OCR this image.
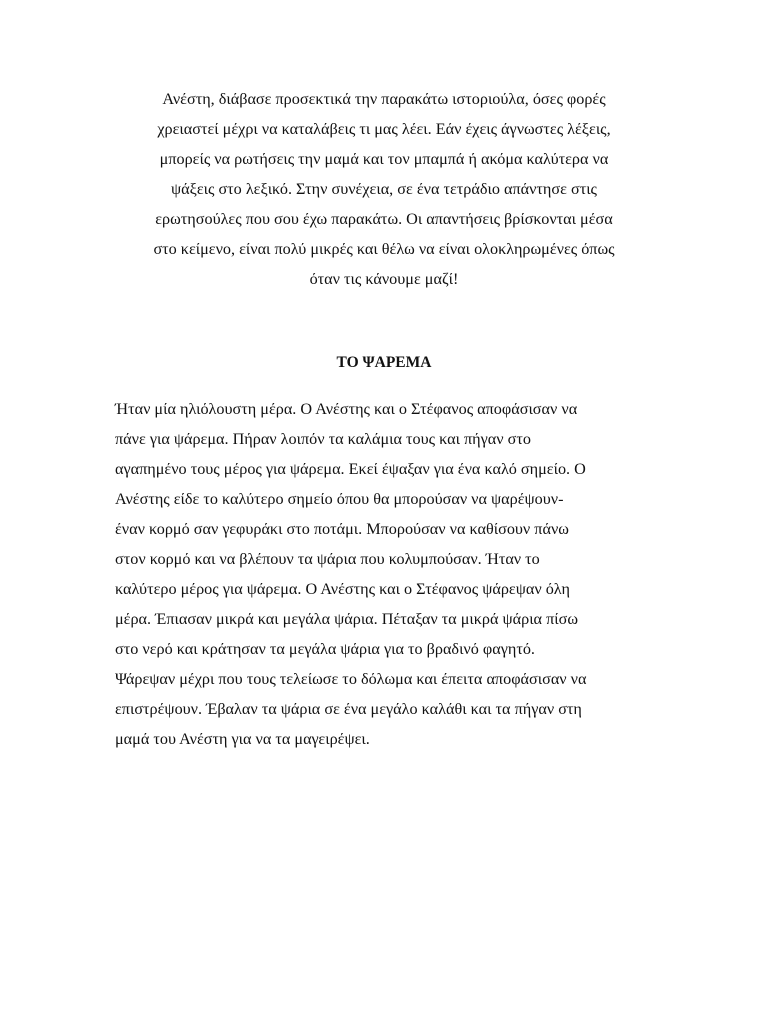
Ανέστη, διάβασε προσεκτικά την παρακάτω ιστοριούλα, όσες φορές
χρειαστεί μέχρι να καταλάβεις τι μας λέει. Εάν έχεις άγνωστες λέξεις,
μπορείς να ρωτήσεις την μαμά και τον μπαμπά ή ακόμα καλύτερα να
ψάξεις στο λεξικό. Στην συνέχεια, σε ένα τετράδιο απάντησε στις
ερωτησούλες που σου έχω παρακάτω. Οι απαντήσεις βρίσκονται μέσα
στο κείμενο, είναι πολύ μικρές και θέλω να είναι ολοκληρωμένες όπως
όταν τις κάνουμε μαζί!

ΤΟ ΨΑΡΕΜΑ

Ήταν μία ηλιόλουστη μέρα. Ο Ανέστης και ο Στέφανος αποφάσισαν να
πάνε για ψάρεμα. Πήραν λοιπόν τα καλάμια τους και πήγαν στο
αγαπημένο τους μέρος για ψάρεμα. Εκεί έψαξαν για ένα καλό σημείο. Ο
Ανέστης είδε το καλύτερο σημείο όπου θα μπορούσαν να ψαρέψουν-
έναν κορμό σαν γεφυράκι στο ποτάμι. Μπορούσαν να καθίσουν πάνω
στον κορμό και να βλέπουν τα ψάρια που κολυμπούσαν. Ήταν το
καλύτερο μέρος για ψάρεμα. Ο Ανέστης και ο Στέφανος ψάρεψαν όλη
μέρα. Έπιασαν μικρά και μεγάλα ψάρια. Πέταξαν τα μικρά ψάρια πίσω
στο νερό και κράτησαν τα μεγάλα ψάρια για το βραδινό φαγητό.
Ψάρεψαν μέχρι που τους τελείωσε το δόλωμα και έπειτα αποφάσισαν να
επιστρέψουν. Έβαλαν τα ψάρια σε ένα μεγάλο καλάθι και τα πήγαν στη
μαμά του Ανέστη για να τα μαγειρέψει.
